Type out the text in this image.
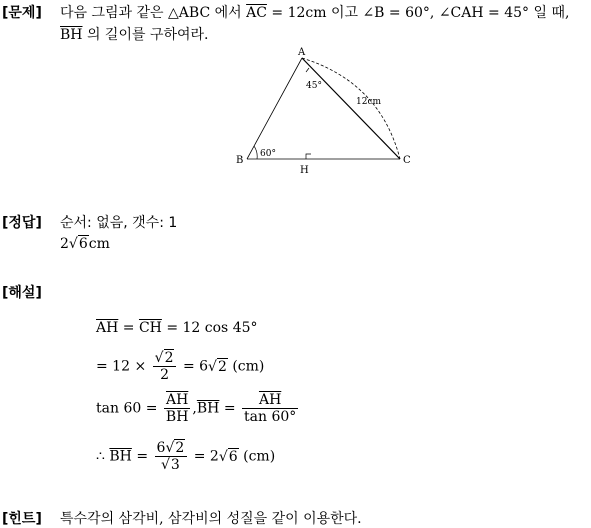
[문제] 다음 그림과 같은 △ABC 에서 $\overline{AC} = 12cm$ 이고 ∠B = 60°, ∠CAH = 45° 일 때,
$\overline{BH}$ 의 길이를 구하여라.
A
B	C
H
45°
60°
12cm
[정답] 순서: 없음, 갯수: 1
2√6cm
[해설]
$\overline{AH} = \overline{CH} = 12$ cos 45°
= $12 \times \frac{√2}{2} = 6√2$ (cm)
$\tan 60 = \frac{\overline{AH}}{BH} ,\overline{BH} = \frac{\overline{AH}}{\tan 60^\circ}$
∴ $\overline{BH} = \frac{6√2}{√3} = 2√6$ (cm)
[힌트] 특수각의 삼각비, 삼각비의 성질을 같이 이용한다.
